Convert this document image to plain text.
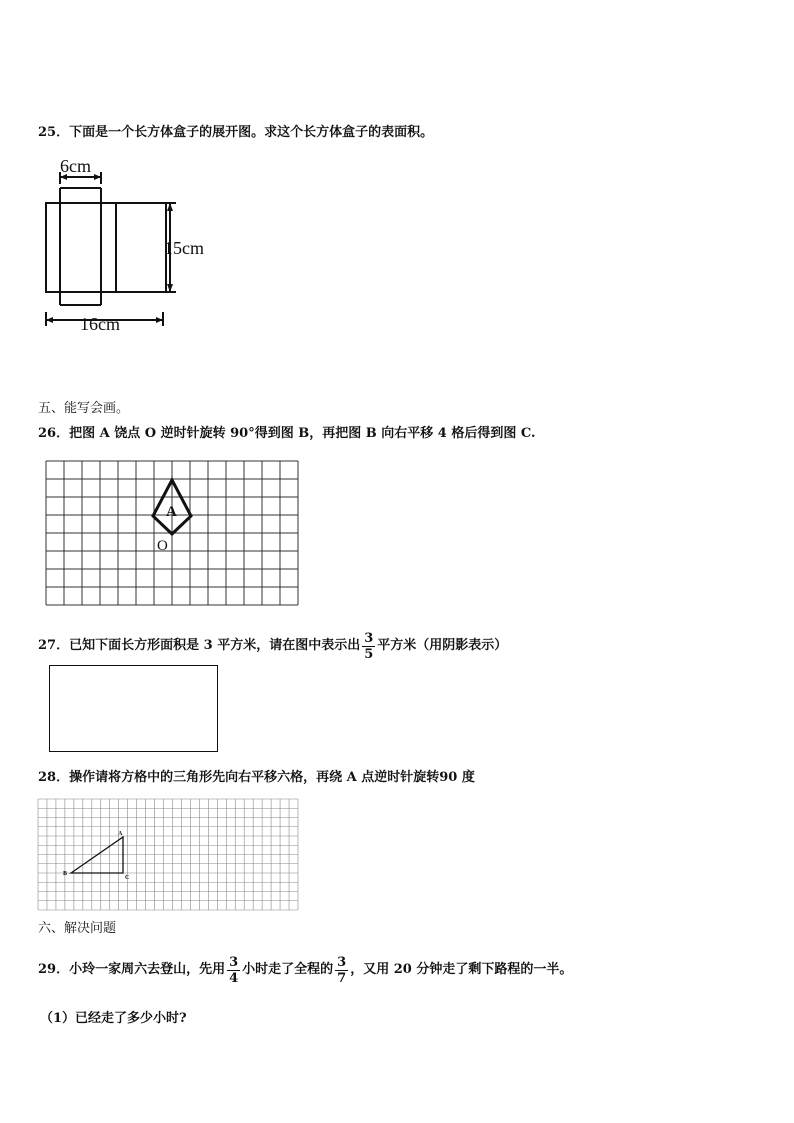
25．下面是一个长方体盒子的展开图。求这个长方体盒子的表面积。
6cm
15cm
16cm
五、能写会画。
26．把图 A 饶点 O 逆时针旋转 90°得到图 B，再把图 B 向右平移 4 格后得到图 C.
A
O
27．已知下面长方形面积是 3 平方米，请在图中表示出 $\frac{3}{5}$ 平方米（用阴影表示）
28．操作请将方格中的三角形先向右平移六格，再绕 A 点逆时针旋转90 度
A
B
C
六、解决问题
29．小玲一家周六去登山，先用 $\frac{3}{4}$ 小时走了全程的 $\frac{3}{7}$ ，又用 20 分钟走了剩下路程的一半。
（1）已经走了多少小时?
